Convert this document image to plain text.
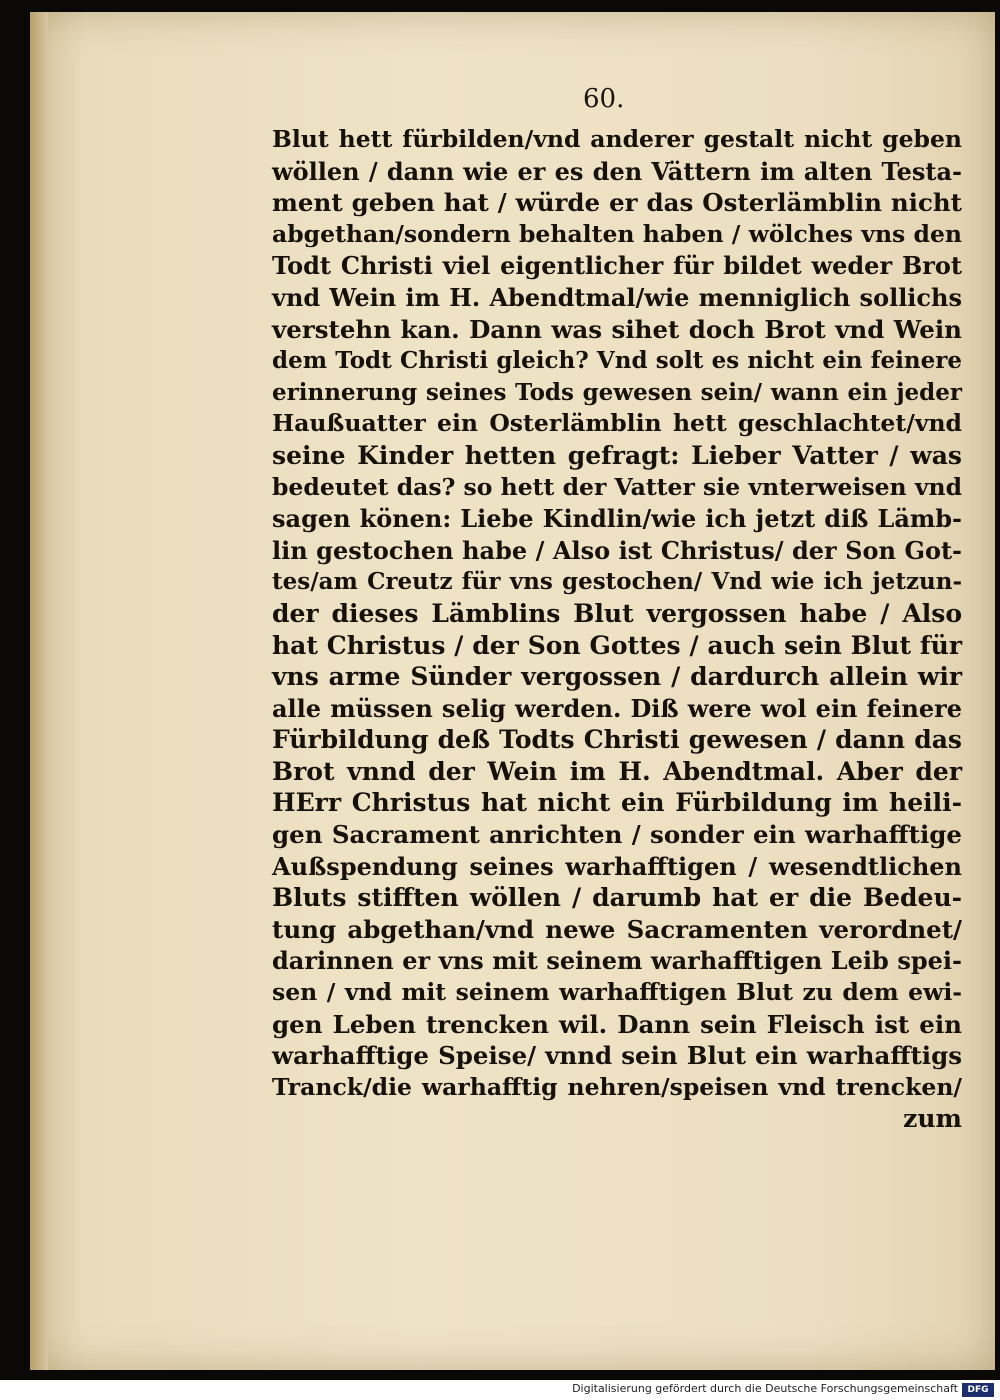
60.
Blut hett fürbilden/vnd anderer gestalt nicht geben
wöllen / dann wie er es den Vättern im alten Testa-
ment geben hat / würde er das Osterlämblin nicht
abgethan/sondern behalten haben / wölches vns den
Todt Christi viel eigentlicher für bildet weder Brot
vnd Wein im H. Abendtmal/wie menniglich sollichs
verstehn kan. Dann was sihet doch Brot vnd Wein
dem Todt Christi gleich? Vnd solt es nicht ein feinere
erinnerung seines Tods gewesen sein/ wann ein jeder
Haußuatter ein Osterlämblin hett geschlachtet/vnd
seine Kinder hetten gefragt: Lieber Vatter / was
bedeutet das? so hett der Vatter sie vnterweisen vnd
sagen könen: Liebe Kindlin/wie ich jetzt diß Lämb-
lin gestochen habe / Also ist Christus/ der Son Got-
tes/am Creutz für vns gestochen/ Vnd wie ich jetzun-
der dieses Lämblins Blut vergossen habe / Also
hat Christus / der Son Gottes / auch sein Blut für
vns arme Sünder vergossen / dardurch allein wir
alle müssen selig werden. Diß were wol ein feinere
Fürbildung deß Todts Christi gewesen / dann das
Brot vnnd der Wein im H. Abendtmal. Aber der
HErr Christus hat nicht ein Fürbildung im heili-
gen Sacrament anrichten / sonder ein warhafftige
Außspendung seines warhafftigen / wesendtlichen
Bluts stifften wöllen / darumb hat er die Bedeu-
tung abgethan/vnd newe Sacramenten verordnet/
darinnen er vns mit seinem warhafftigen Leib spei-
sen / vnd mit seinem warhafftigen Blut zu dem ewi-
gen Leben trencken wil. Dann sein Fleisch ist ein
warhafftige Speise/ vnnd sein Blut ein warhafftigs
Tranck/die warhafftig nehren/speisen vnd trencken/
zum
Digitalisierung gefördert durch die Deutsche Forschungsgemeinschaft	DFG
